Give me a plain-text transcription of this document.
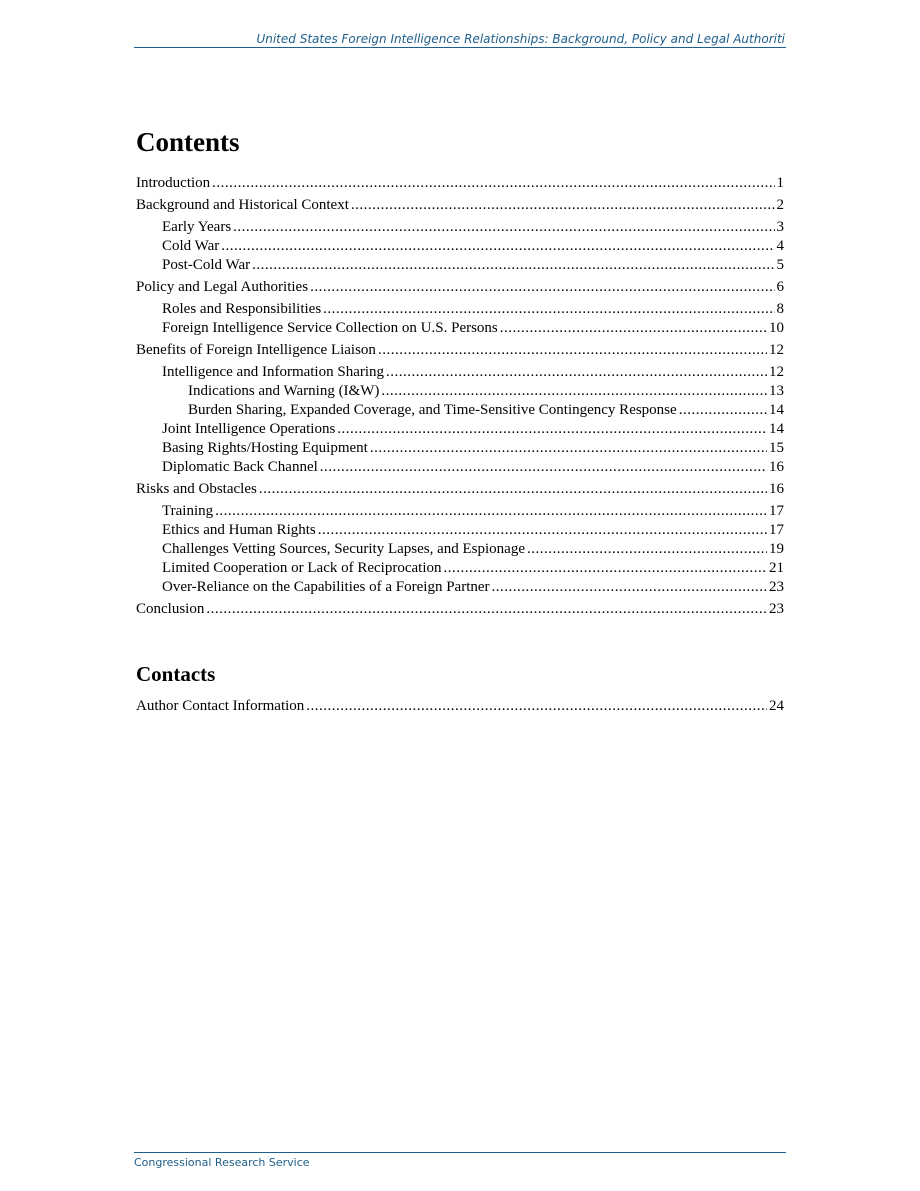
United States Foreign Intelligence Relationships: Background, Policy and Legal Authoriti
Contents
Introduction .....	1
Background and Historical Context .....	2
Early Years .....	3
Cold War .....	4
Post-Cold War .....	5
Policy and Legal Authorities .....	6
Roles and Responsibilities .....	8
Foreign Intelligence Service Collection on U.S. Persons .....	10
Benefits of Foreign Intelligence Liaison .....	12
Intelligence and Information Sharing .....	12
Indications and Warning (I&W) .....	13
Burden Sharing, Expanded Coverage, and Time-Sensitive Contingency Response .....	14
Joint Intelligence Operations .....	14
Basing Rights/Hosting Equipment .....	15
Diplomatic Back Channel .....	16
Risks and Obstacles .....	16
Training .....	17
Ethics and Human Rights .....	17
Challenges Vetting Sources, Security Lapses, and Espionage .....	19
Limited Cooperation or Lack of Reciprocation .....	21
Over-Reliance on the Capabilities of a Foreign Partner .....	23
Conclusion .....	23
Contacts
Author Contact Information .....	24
Congressional Research Service
